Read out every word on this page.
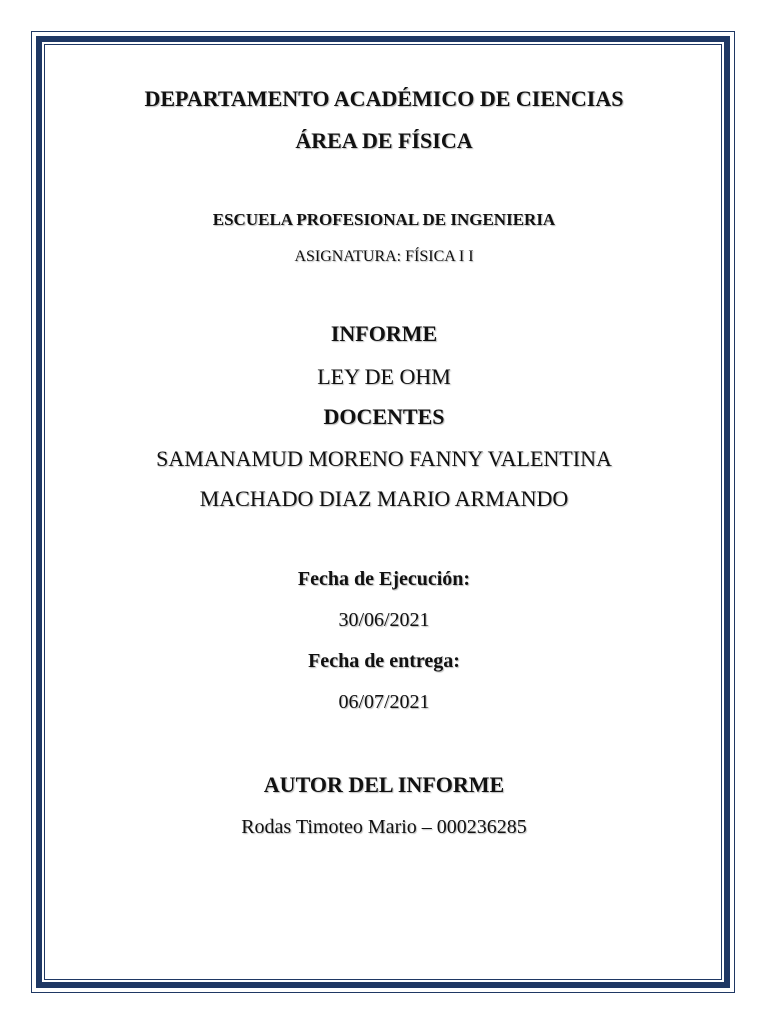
DEPARTAMENTO ACADÉMICO DE CIENCIAS
ÁREA DE FÍSICA
ESCUELA PROFESIONAL DE INGENIERIA
ASIGNATURA: FÍSICA I I
INFORME
LEY DE OHM
DOCENTES
SAMANAMUD MORENO FANNY VALENTINA
MACHADO DIAZ MARIO ARMANDO
Fecha de Ejecución:
30/06/2021
Fecha de entrega:
06/07/2021
AUTOR DEL INFORME
Rodas Timoteo Mario – 000236285
